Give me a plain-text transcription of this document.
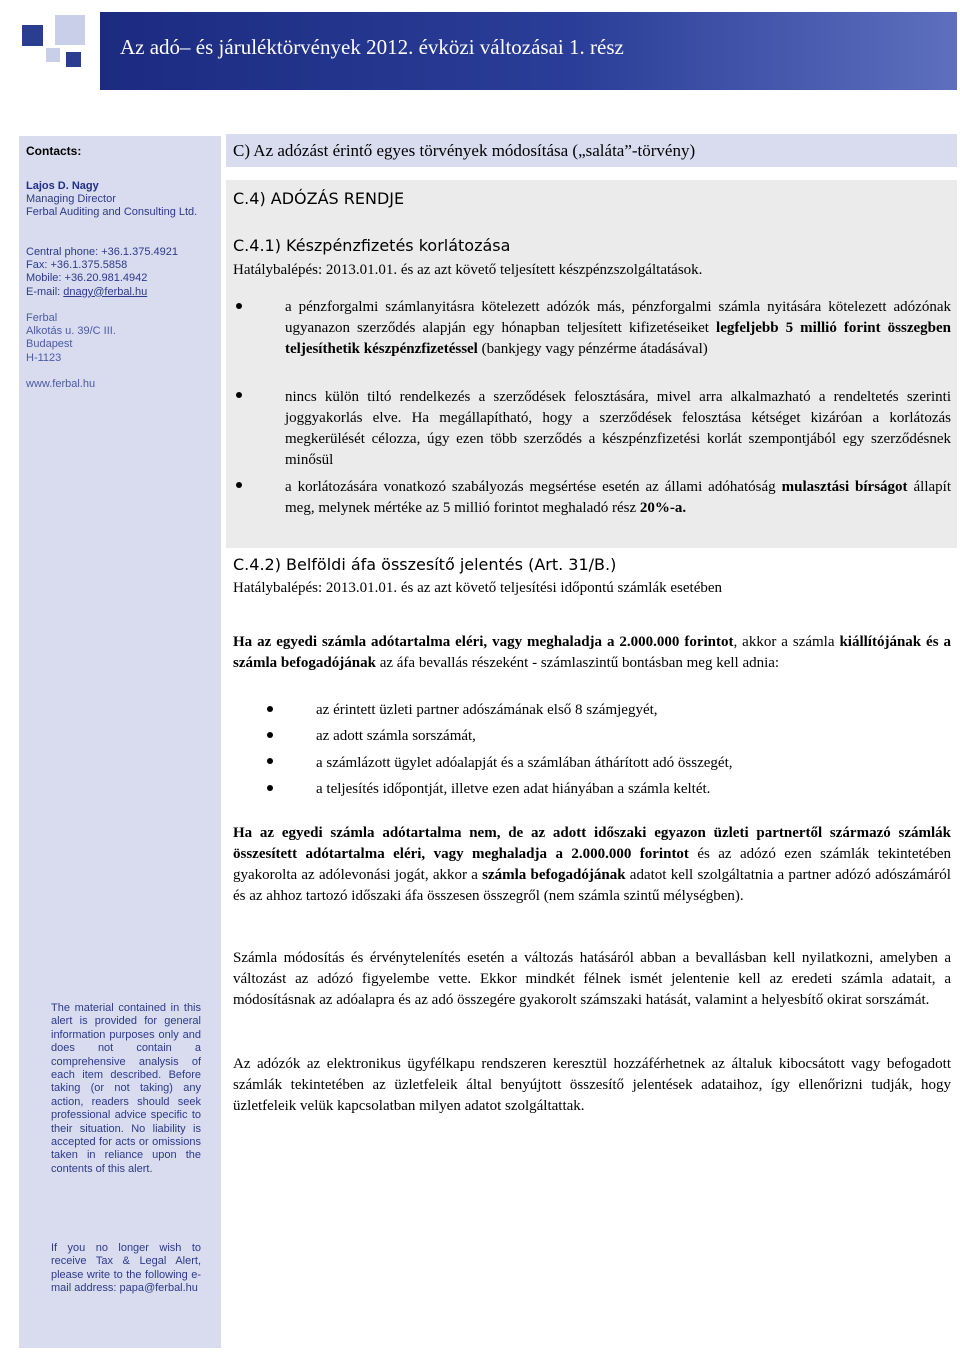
Az adó– és járuléktörvények 2012. évközi változásai 1. rész
Contacts:
Lajos D. Nagy
Managing Director
Ferbal Auditing and Consulting Ltd.
Central phone: +36.1.375.4921
Fax: +36.1.375.5858
Mobile: +36.20.981.4942
E-mail: dnagy@ferbal.hu
Ferbal
Alkotás u. 39/C III.
Budapest
H-1123
www.ferbal.hu
The material contained in this alert is provided for general information purposes only and does not contain a comprehensive analysis of each item described. Before taking (or not taking) any action, readers should seek professional advice specific to their situation. No liability is accepted for acts or omissions taken in reliance upon the contents of this alert.
If you no longer wish to receive Tax & Legal Alert, please write to the following e-mail address: papa@ferbal.hu
C) Az adózást érintő egyes törvények módosítása („saláta”-törvény)
C.4) ADÓZÁS RENDJE
C.4.1) Készpénzfizetés korlátozása
Hatálybalépés: 2013.01.01. és az azt követő teljesített készpénzszolgáltatások.
a pénzforgalmi számlanyitásra kötelezett adózók más, pénzforgalmi számla nyitására kötelezett adózónak ugyanazon szerződés alapján egy hónapban teljesített kifizetéseiket legfeljebb 5 millió forint összegben teljesíthetik készpénzfizetéssel (bankjegy vagy pénzérme átadásával)
nincs külön tiltó rendelkezés a szerződések felosztására, mivel arra alkalmazható a rendeltetés szerinti joggyakorlás elve. Ha megállapítható, hogy a szerződések felosztása kétséget kizáróan a korlátozás megkerülését célozza, úgy ezen több szerződés a készpénzfizetési korlát szempontjából egy szerződésnek minősül
a korlátozására vonatkozó szabályozás megsértése esetén az állami adóhatóság mulasztási bírságot állapít meg, melynek mértéke az 5 millió forintot meghaladó rész 20%-a.
C.4.2) Belföldi áfa összesítő jelentés (Art. 31/B.)
Hatálybalépés: 2013.01.01. és az azt követő teljesítési időpontú számlák esetében
Ha az egyedi számla adótartalma eléri, vagy meghaladja a 2.000.000 forintot, akkor a számla kiállítójának és a számla befogadójának az áfa bevallás részeként - számlaszintű bontásban meg kell adnia:
az érintett üzleti partner adószámának első 8 számjegyét,
az adott számla sorszámát,
a számlázott ügylet adóalapját és a számlában áthárított adó összegét,
a teljesítés időpontját, illetve ezen adat hiányában a számla keltét.
Ha az egyedi számla adótartalma nem, de az adott időszaki egyazon üzleti partnertől származó számlák összesített adótartalma eléri, vagy meghaladja a 2.000.000 forintot és az adózó ezen számlák tekintetében gyakorolta az adólevonási jogát, akkor a számla befogadójának adatot kell szolgáltatnia a partner adózó adószámáról és az ahhoz tartozó időszaki áfa összesen összegről (nem számla szintű mélységben).
Számla módosítás és érvénytelenítés esetén a változás hatásáról abban a bevallásban kell nyilatkozni, amelyben a változást az adózó figyelembe vette. Ekkor mindkét félnek ismét jelentenie kell az eredeti számla adatait, a módosításnak az adóalapra és az adó összegére gyakorolt számszaki hatását, valamint a helyesbítő okirat sorszámát.
Az adózók az elektronikus ügyfélkapu rendszeren keresztül hozzáférhetnek az általuk kibocsátott vagy befogadott számlák tekintetében az üzletfeleik által benyújtott összesítő jelentések adataihoz, így ellenőrizni tudják, hogy üzletfeleik velük kapcsolatban milyen adatot szolgáltattak.
